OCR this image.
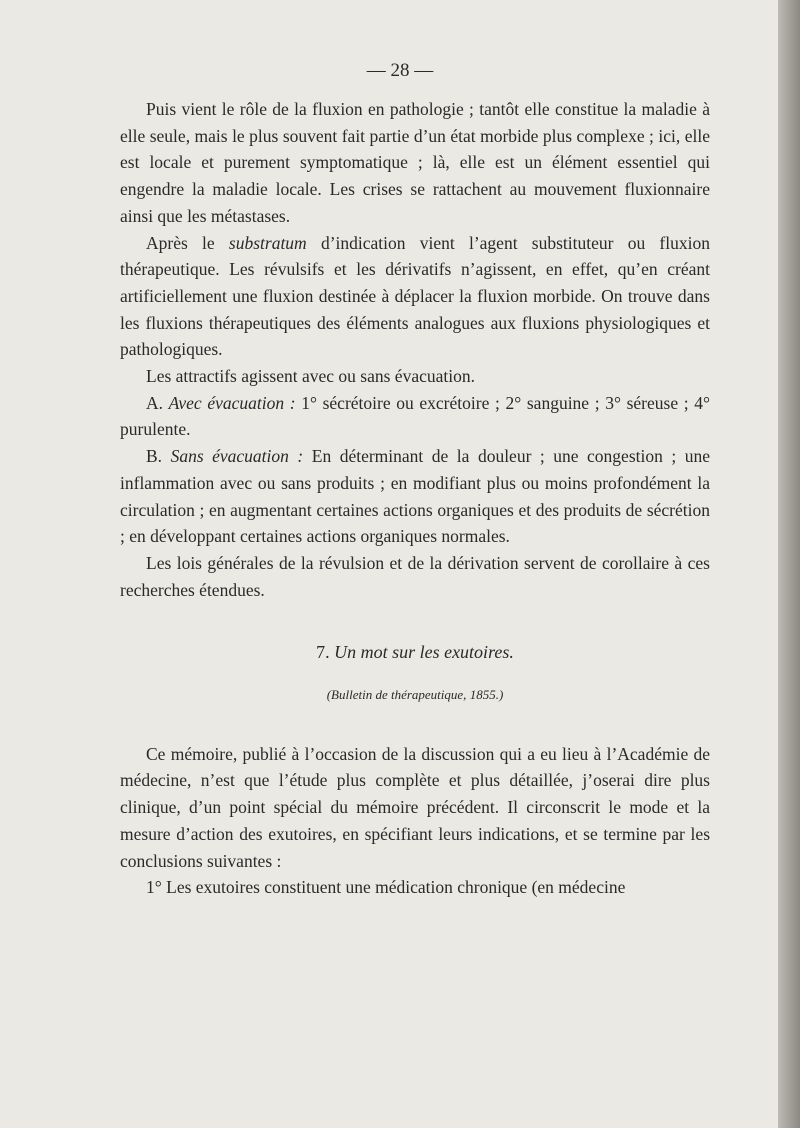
— 28 —

Puis vient le rôle de la fluxion en pathologie ; tantôt elle constitue la maladie à elle seule, mais le plus souvent fait partie d’un état morbide plus complexe ; ici, elle est locale et purement symptomatique ; là, elle est un élément essentiel qui engendre la maladie locale. Les crises se rattachent au mouvement fluxionnaire ainsi que les métastases.

Après le substratum d’indication vient l’agent substituteur ou fluxion thérapeutique. Les révulsifs et les dérivatifs n’agissent, en effet, qu’en créant artificiellement une fluxion destinée à déplacer la fluxion morbide. On trouve dans les fluxions thérapeutiques des éléments analogues aux fluxions physiologiques et pathologiques.

Les attractifs agissent avec ou sans évacuation.

A. Avec évacuation : 1° sécrétoire ou excrétoire ; 2° sanguine ; 3° séreuse ; 4° purulente.

B. Sans évacuation : En déterminant de la douleur ; une congestion ; une inflammation avec ou sans produits ; en modifiant plus ou moins profondément la circulation ; en augmentant certaines actions organiques et des produits de sécrétion ; en développant certaines actions organiques normales.

Les lois générales de la révulsion et de la dérivation servent de corollaire à ces recherches étendues.

7. Un mot sur les exutoires.
(Bulletin de thérapeutique, 1855.)

Ce mémoire, publié à l’occasion de la discussion qui a eu lieu à l’Académie de médecine, n’est que l’étude plus complète et plus détaillée, j’oserai dire plus clinique, d’un point spécial du mémoire précédent. Il circonscrit le mode et la mesure d’action des exutoires, en spécifiant leurs indications, et se termine par les conclusions suivantes :

1° Les exutoires constituent une médication chronique (en médecine
